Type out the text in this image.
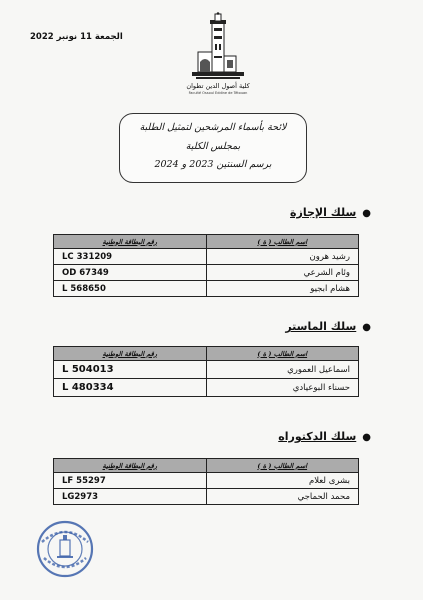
الجمعة 11 نونبر 2022
كلية أصول الدين تطوان
Faculté Ossoul Eddine de Tétouan
لائحة بأسماء المرشحين لتمثيل الطلبة
بمجلس الكلية
برسم السنتين 2023 و 2024
●سلك الإجازة
اسم الطالب ( ة )	رقم البطاقة الوطنية
رشيد هرون	LC 331209
وئام الشرعي	OD 67349
هشام ابجيو	L 568650
●سلك الماستر
اسم الطالب ( ة )	رقم البطاقة الوطنية
اسماعيل العموري	L 504013
حسناء البوعيادي	L 480334
●سلك الدكتوراه
اسم الطالب ( ة )	رقم البطاقة الوطنية
بشرى لعلام	LF 55297
محمد الحماجي	LG2973
